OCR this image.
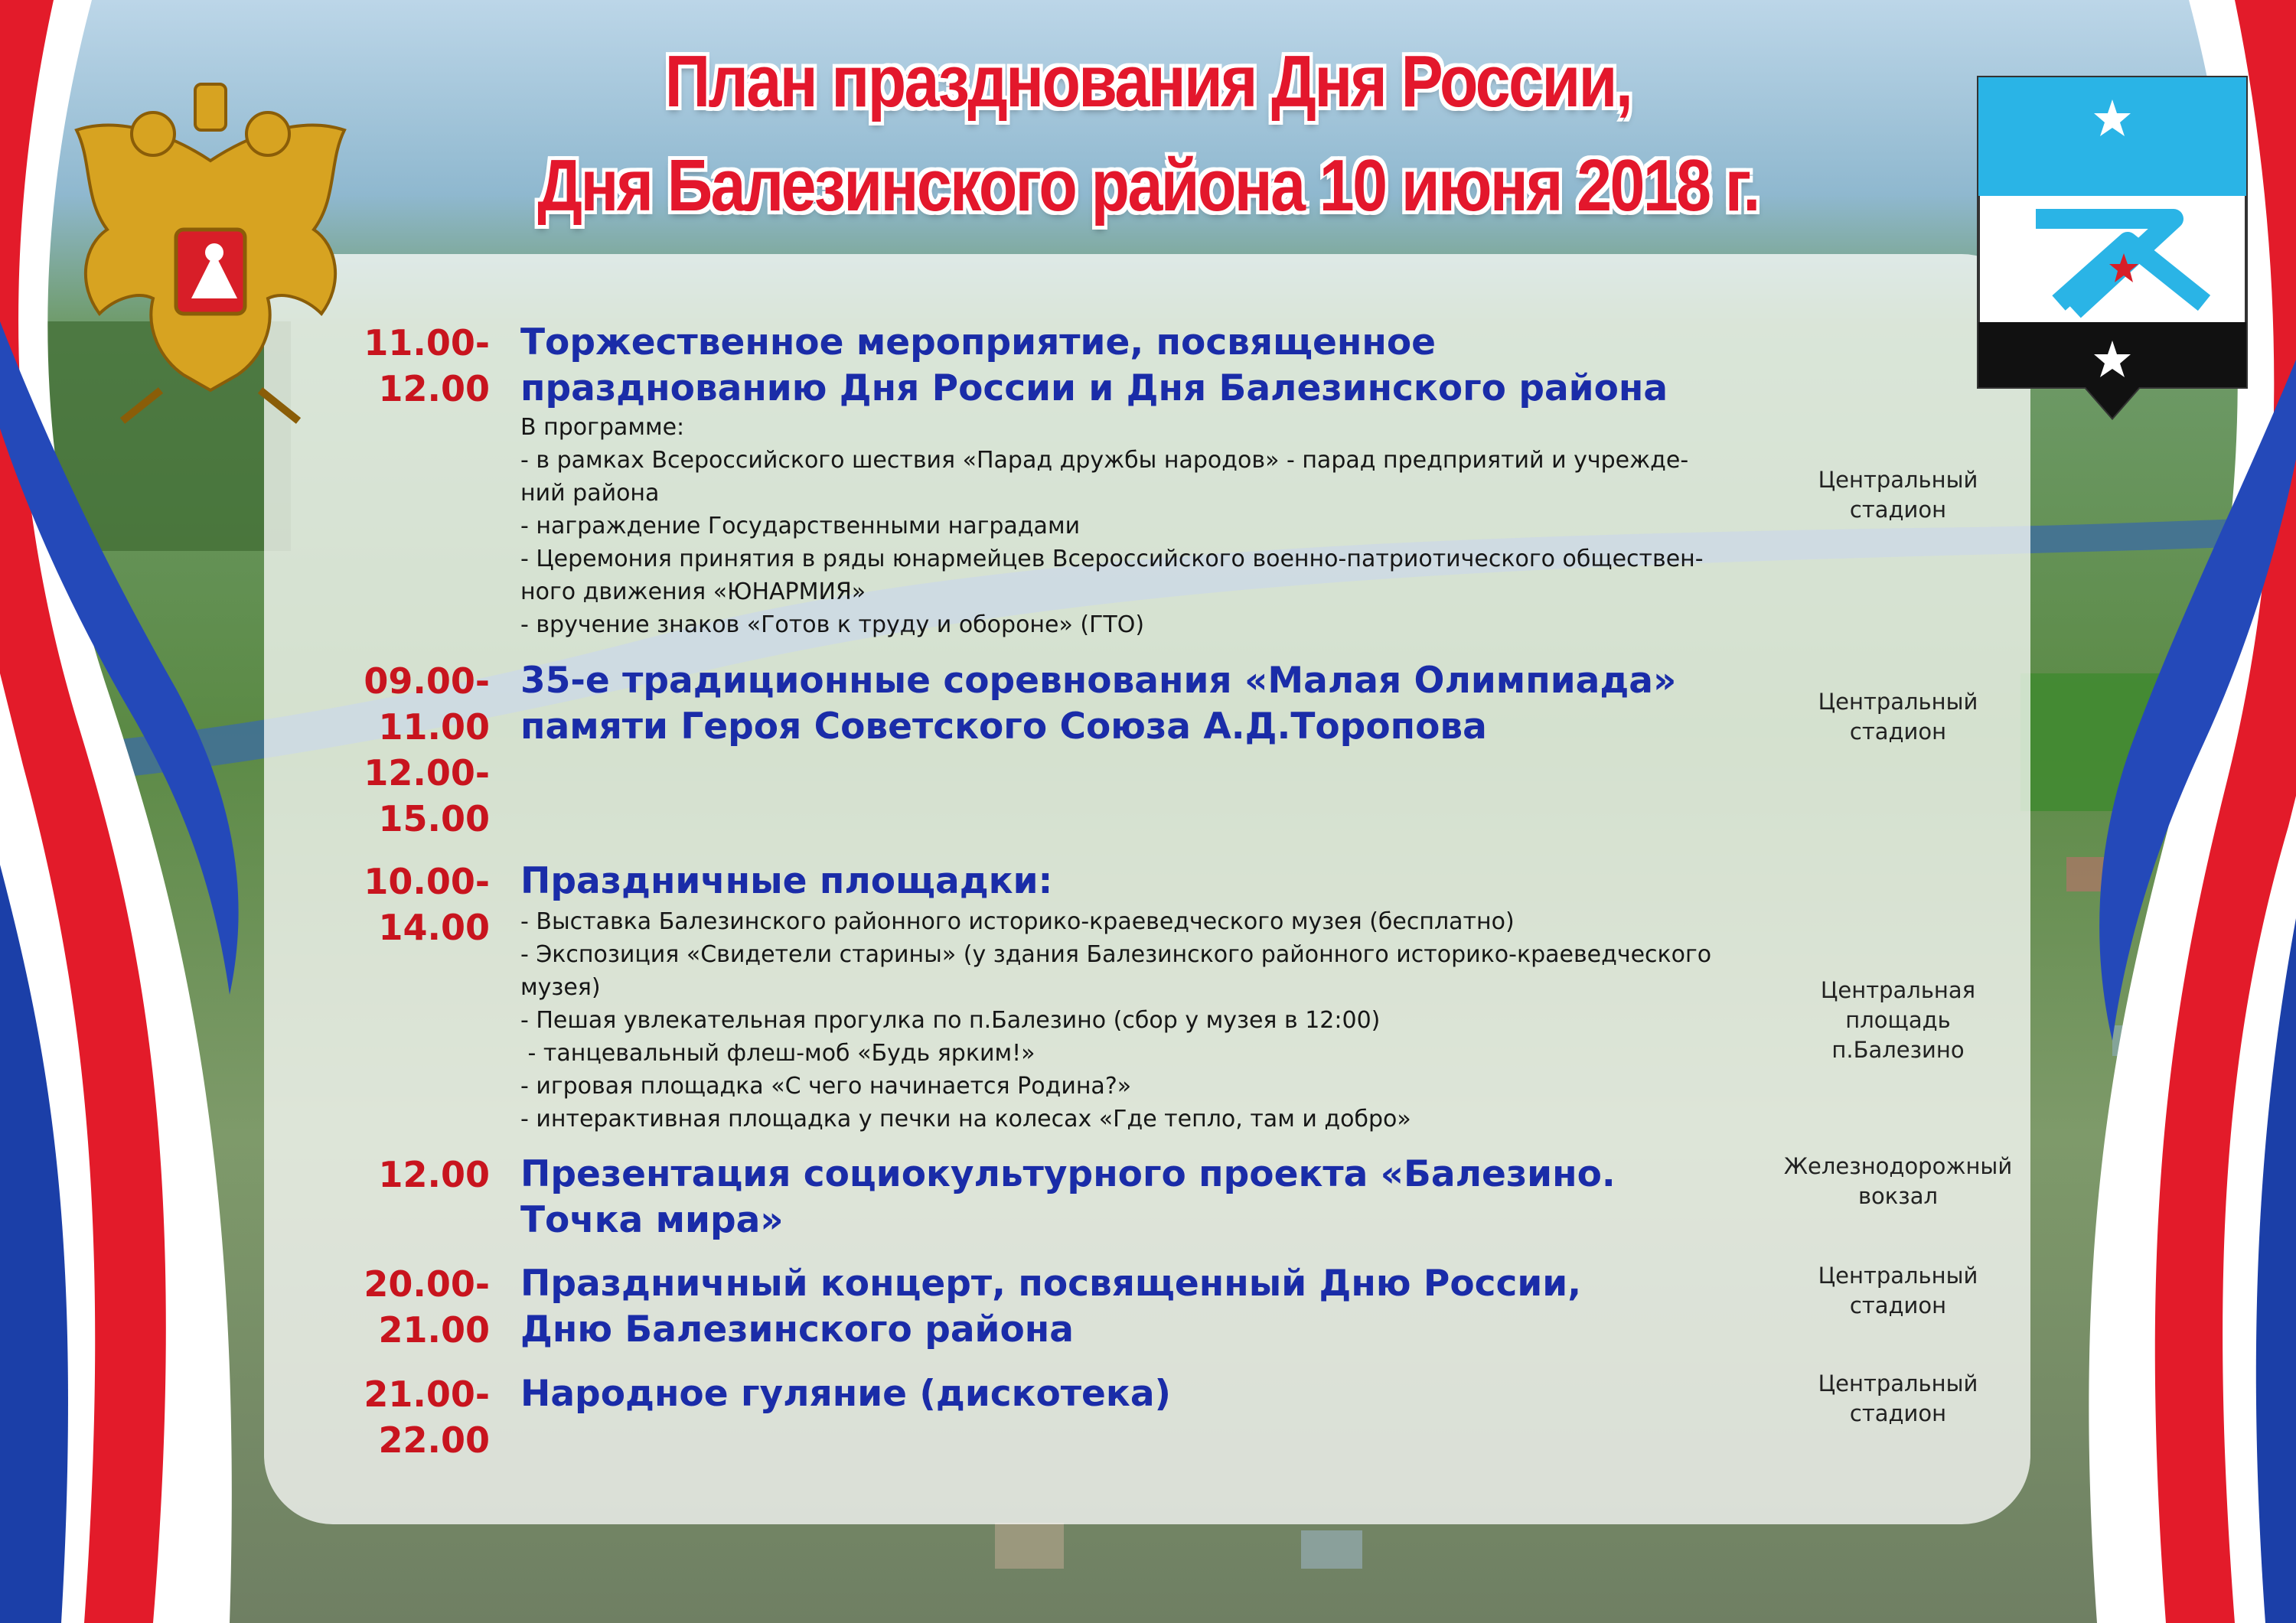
План празднования Дня России,
Дня Балезинского района 10 июня 2018 г.
11.00-
12.00
Торжественное мероприятие, посвященное
празднованию Дня России и Дня Балезинского района
В программе:
- в рамках Всероссийского шествия «Парад дружбы народов» - парад предприятий и учрежде-
ний района
- награждение Государственными наградами
- Церемония принятия в ряды юнармейцев Всероссийского военно-патриотического обществен-
ного движения «ЮНАРМИЯ»
- вручение знаков «Готов к труду и обороне» (ГТО)
Центральный
стадион
09.00-
11.00
12.00-
15.00
35-е традиционные соревнования «Малая Олимпиада»
памяти Героя Советского Союза А.Д.Торопова
Центральный
стадион
10.00-
14.00
Праздничные площадки:
- Выставка Балезинского районного историко-краеведческого музея (бесплатно)
- Экспозиция «Свидетели старины» (у здания Балезинского районного историко-краеведческого
музея)
- Пешая увлекательная прогулка по п.Балезино (сбор у музея в 12:00)
- танцевальный флеш-моб «Будь ярким!»
- игровая площадка «С чего начинается Родина?»
- интерактивная площадка у печки на колесах «Где тепло, там и добро»
Центральная
площадь
п.Балезино
12.00 Презентация социокультурного проекта «Балезино.
Точка мира»
Железнодорожный
вокзал
20.00-
21.00
Праздничный концерт, посвященный Дню России,
Дню Балезинского района
Центральный
стадион
21.00-
22.00
Народное гуляние (дискотека)	Центральный
стадион
